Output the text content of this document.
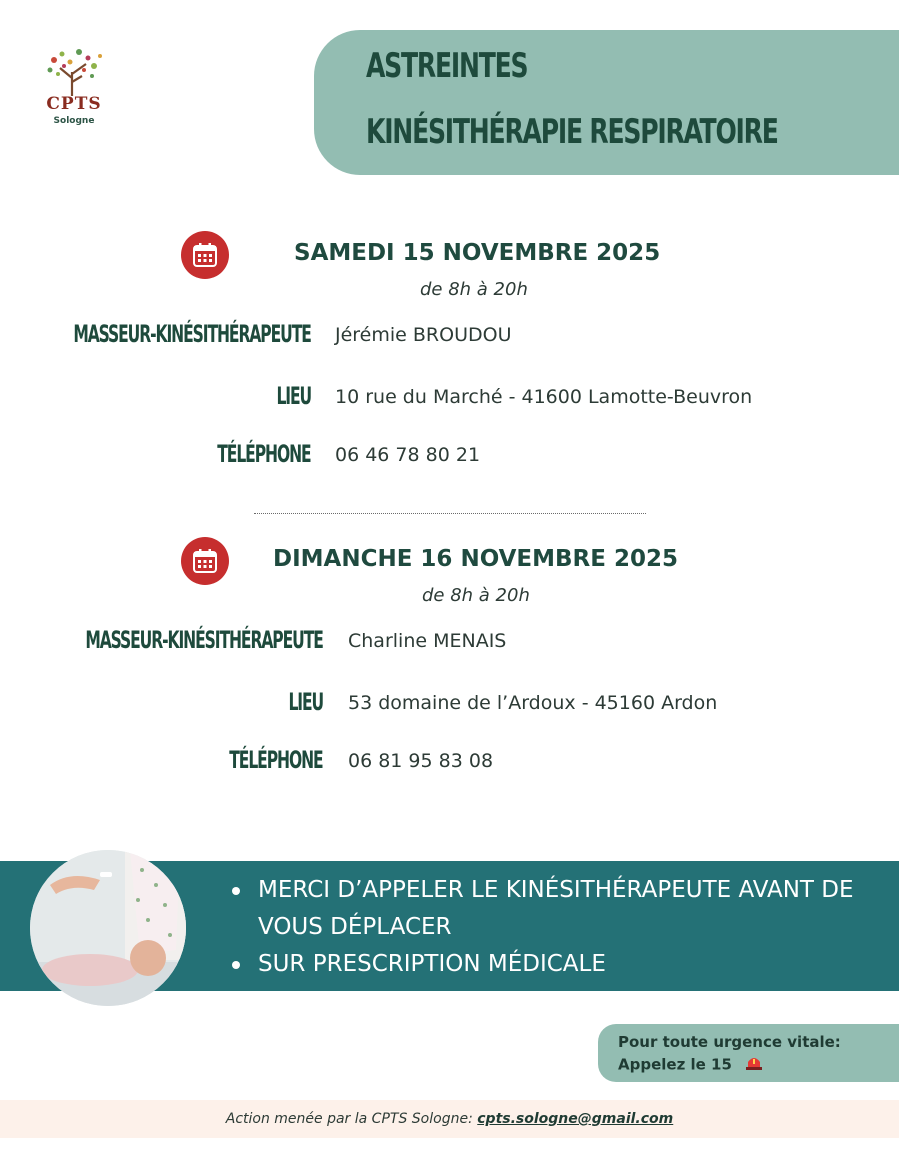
CPTS
Sologne
ASTREINTES
KINÉSITHÉRAPIE RESPIRATOIRE
SAMEDI 15 NOVEMBRE 2025
de 8h à 20h
MASSEUR-KINÉSITHÉRAPEUTE Jérémie BROUDOU
LIEU 10 rue du Marché - 41600 Lamotte-Beuvron
TÉLÉPHONE 06 46 78 80 21
DIMANCHE 16 NOVEMBRE 2025
de 8h à 20h
MASSEUR-KINÉSITHÉRAPEUTE Charline MENAIS
LIEU 53 domaine de l’Ardoux - 45160 Ardon
TÉLÉPHONE 06 81 95 83 08
MERCI D’APPELER LE KINÉSITHÉRAPEUTE AVANT DE VOUS DÉPLACER
SUR PRESCRIPTION MÉDICALE
Pour toute urgence vitale:
Appelez le 15
Action menée par la CPTS Sologne: cpts.sologne@gmail.com
